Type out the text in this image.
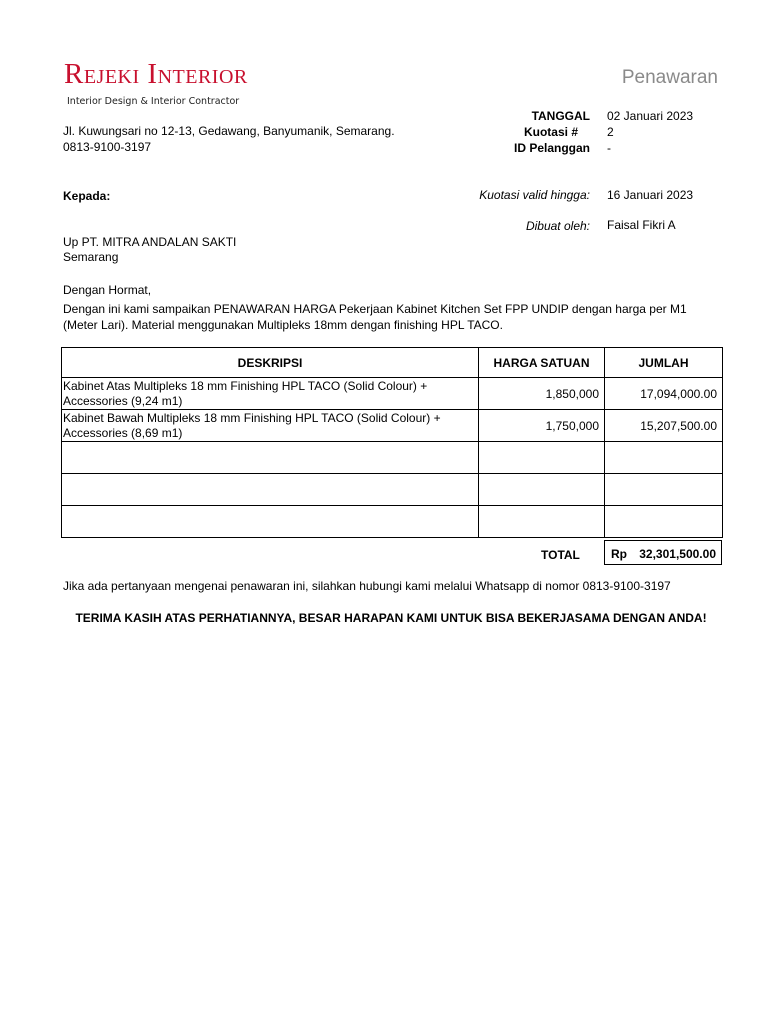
Rejeki Interior
Interior Design & Interior Contractor
Penawaran
Jl. Kuwungsari no 12-13, Gedawang, Banyumanik, Semarang.
0813-9100-3197
TANGGAL 02 Januari 2023
Kuotasi # 2
ID Pelanggan -
Kepada:	Kuotasi valid hingga: 16 Januari 2023
Dibuat oleh: Faisal Fikri A
Up PT. MITRA ANDALAN SAKTI
Semarang
Dengan Hormat,
Dengan ini kami sampaikan PENAWARAN HARGA Pekerjaan Kabinet Kitchen Set FPP UNDIP dengan harga per M1 (Meter Lari). Material menggunakan Multipleks 18mm dengan finishing HPL TACO.
DESKRIPSI	HARGA SATUAN	JUMLAH
Kabinet Atas Multipleks 18 mm Finishing HPL TACO (Solid Colour) + Accessories (9,24 m1)	1,850,000	17,094,000.00
Kabinet Bawah Multipleks 18 mm Finishing HPL TACO (Solid Colour) + Accessories (8,69 m1)	1,750,000	15,207,500.00

TOTAL	Rp 32,301,500.00
Jika ada pertanyaan mengenai penawaran ini, silahkan hubungi kami melalui Whatsapp di nomor 0813-9100-3197
TERIMA KASIH ATAS PERHATIANNYA, BESAR HARAPAN KAMI UNTUK BISA BEKERJASAMA DENGAN ANDA!
